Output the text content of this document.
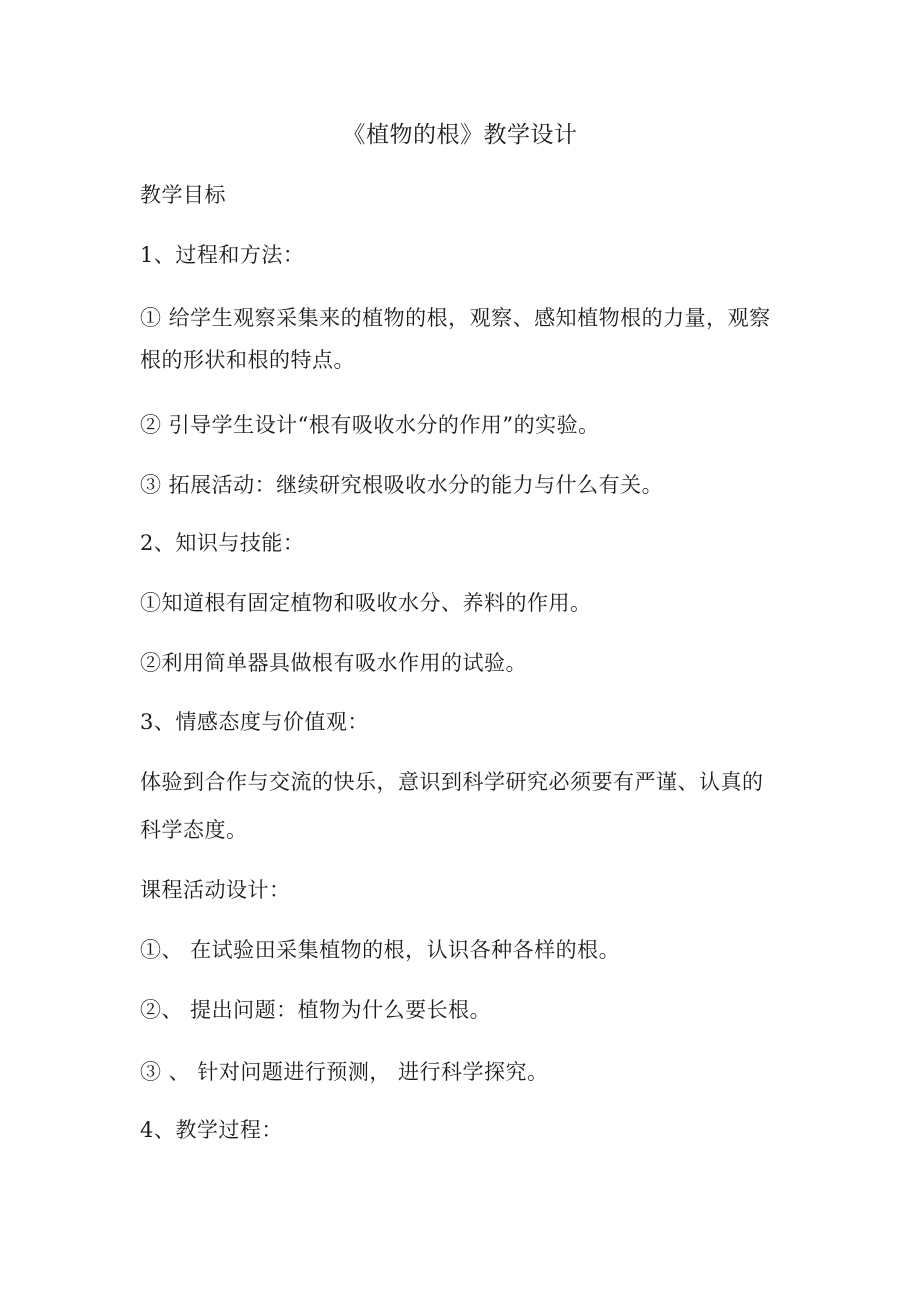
《植物的根》教学设计

教学目标

1、过程和方法：

① 给学生观察采集来的植物的根，观察、感知植物根的力量，观察

根的形状和根的特点。

② 引导学生设计“根有吸收水分的作用”的实验。

③ 拓展活动：继续研究根吸收水分的能力与什么有关。

2、知识与技能：

①知道根有固定植物和吸收水分、养料的作用。

②利用简单器具做根有吸水作用的试验。

3、情感态度与价值观：

体验到合作与交流的快乐，意识到科学研究必须要有严谨、认真的

科学态度。

课程活动设计：

①、 在试验田采集植物的根，认识各种各样的根。

②、 提出问题：植物为什么要长根。

③ 、 针对问题进行预测， 进行科学探究。

4、教学过程：
